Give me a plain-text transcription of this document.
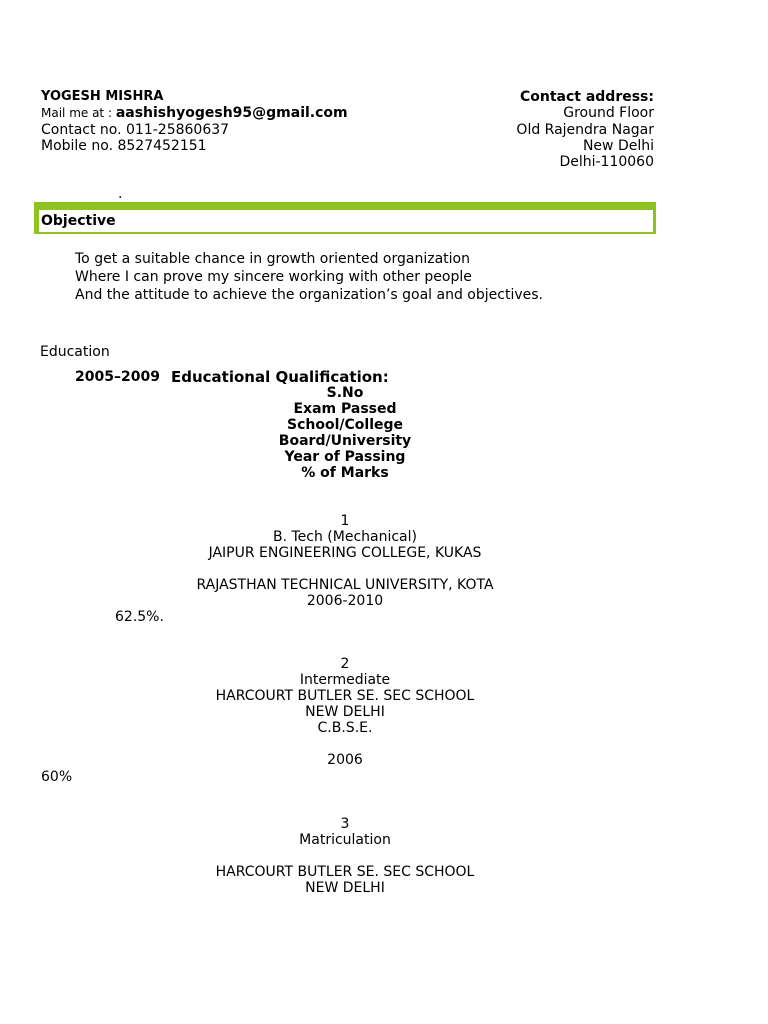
YOGESH MISHRA
Mail me at : aashishyogesh95@gmail.com
Contact no. 011-25860637
Mobile no. 8527452151
.
Contact address:
Ground Floor
Old Rajendra Nagar
New Delhi
Delhi-110060
Objective
To get a suitable chance in growth oriented organization
Where I can prove my sincere working with other people
And the attitude to achieve the organization’s goal and objectives.
Education
2005–2009 Educational Qualification:
S.No
Exam Passed
School/College
Board/University
Year of Passing
% of Marks
1
B. Tech (Mechanical)
JAIPUR ENGINEERING COLLEGE, KUKAS
RAJASTHAN TECHNICAL UNIVERSITY, KOTA
2006-2010
62.5%.
2
Intermediate
HARCOURT BUTLER SE. SEC SCHOOL
NEW DELHI
C.B.S.E.
2006
60%
3
Matriculation
HARCOURT BUTLER SE. SEC SCHOOL
NEW DELHI
